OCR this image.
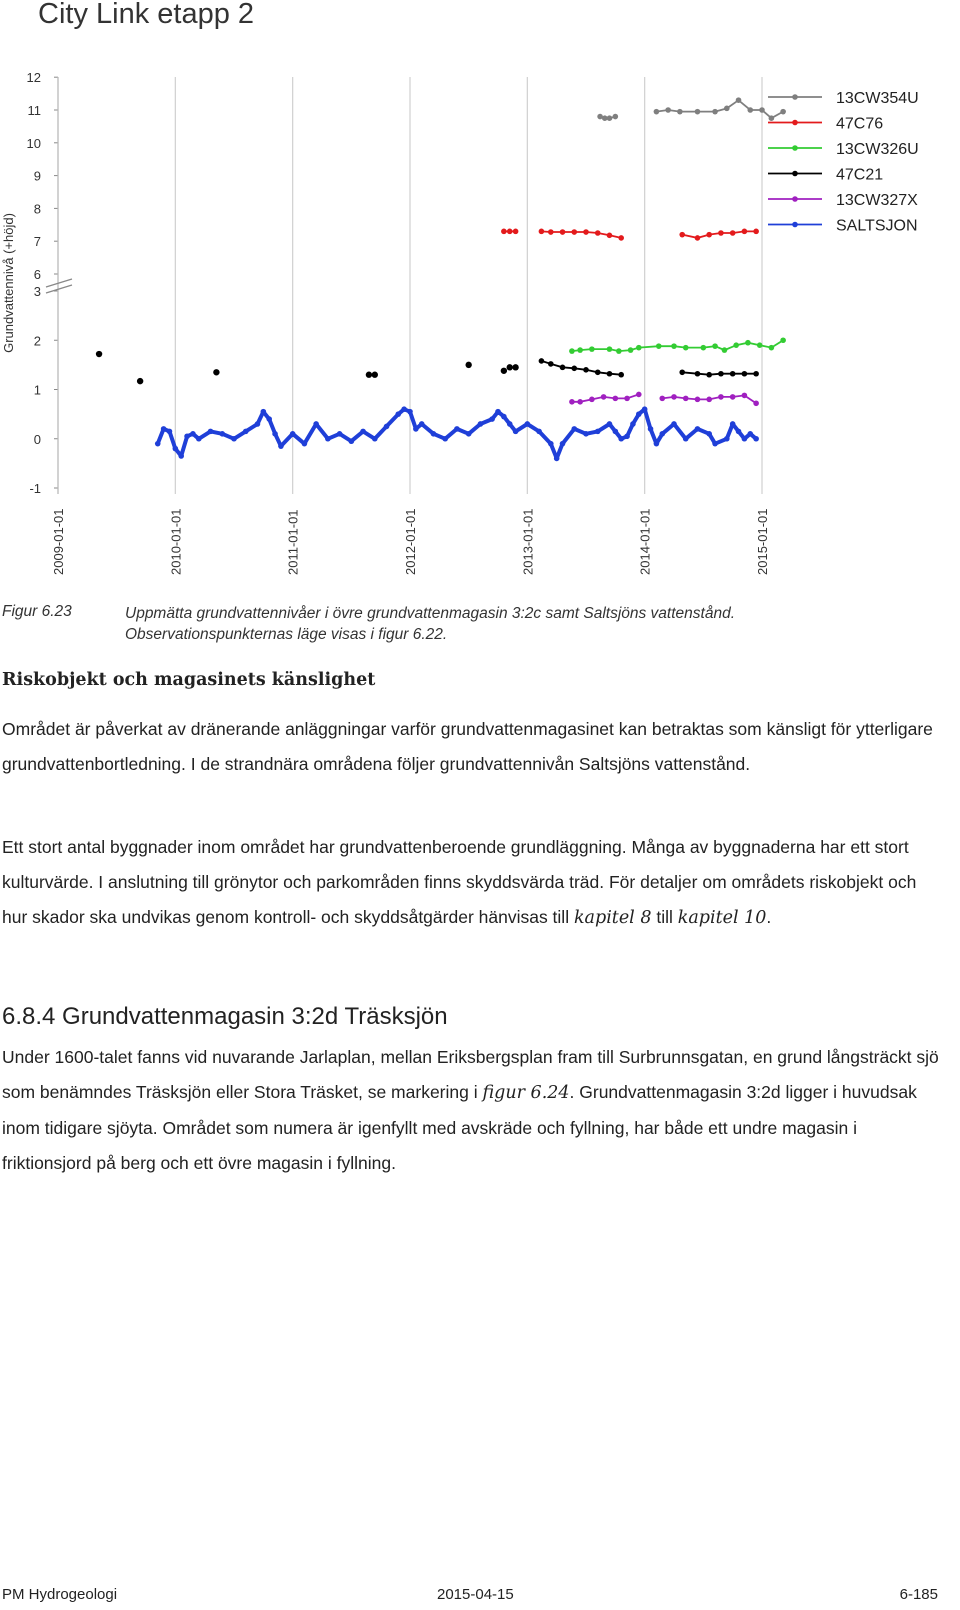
City Link etapp 2
2009-01-01	2010-01-01	2011-01-01	2012-01-01	2013-01-01	2014-01-01	2015-01-01
-1
0
1
2
3
6
7
8
9
10
11
12
Grundvattennivå (+höjd)
13CW354U
47C76
13CW326U
47C21
13CW327X
SALTSJON
Figur 6.23	Uppmätta grundvattennivåer i övre grundvattenmagasin 3:2c samt Saltsjöns vattenstånd. Observationspunkternas läge visas i figur 6.22.
Riskobjekt och magasinets känslighet
Området är påverkat av dränerande anläggningar varför grundvattenmagasinet kan betraktas som känsligt för ytterligare grundvattenbortledning. I de strandnära områdena följer grundvattennivån Saltsjöns vattenstånd.
Ett stort antal byggnader inom området har grundvattenberoende grundläggning. Många av byggnaderna har ett stort kulturvärde. I anslutning till grönytor och parkområden finns skyddsvärda träd. För detaljer om områdets riskobjekt och hur skador ska undvikas genom kontroll- och skyddsåtgärder hänvisas till kapitel 8 till kapitel 10.
6.8.4 Grundvattenmagasin 3:2d Träsksjön
Under 1600-talet fanns vid nuvarande Jarlaplan, mellan Eriksbergsplan fram till Surbrunnsgatan, en grund långsträckt sjö som benämndes Träsksjön eller Stora Träsket, se markering i figur 6.24. Grundvattenmagasin 3:2d ligger i huvudsak inom tidigare sjöyta. Området som numera är igenfyllt med avskräde och fyllning, har både ett undre magasin i friktionsjord på berg och ett övre magasin i fyllning.
PM Hydrogeologi	2015-04-15	6-185
